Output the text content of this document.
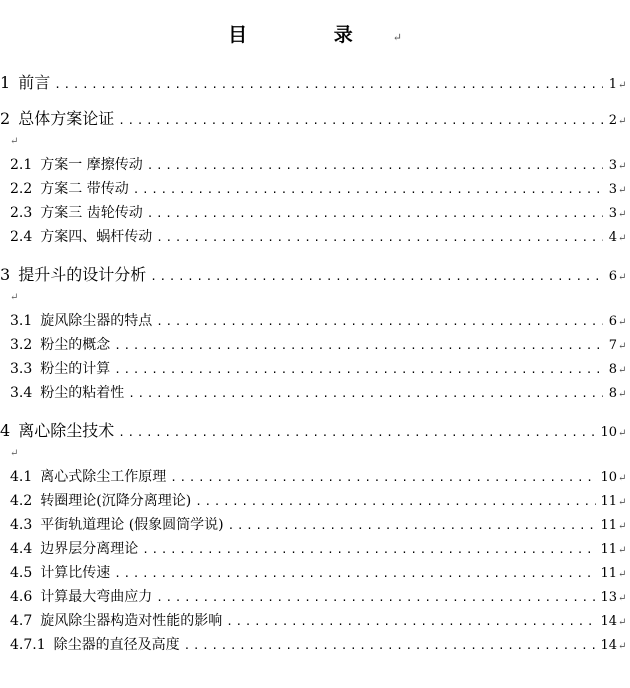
目 录↵
1 前言 . . .	1 ↵
2 总体方案论证 . . .	2 ↵
↵
2.1 方案一 摩擦传动 . . .	3 ↵
2.2 方案二 带传动 . . .	3 ↵
2.3 方案三 齿轮传动 . . .	3 ↵
2.4 方案四、蜗杆传动 . . .	4 ↵
3 提升斗的设计分析 . . .	6 ↵
↵
3.1 旋风除尘器的特点 . . .	6 ↵
3.2 粉尘的概念 . . .	7 ↵
3.3 粉尘的计算 . . .	8 ↵
3.4 粉尘的粘着性 . . .	8 ↵
4 离心除尘技术 . . .	10 ↵
↵
4.1 离心式除尘工作原理 . . .	10 ↵
4.2 转圈理论(沉降分离理论) . . .	11 ↵
4.3 平街轨道理论 (假象圆筒学说) . . .	11 ↵
4.4 边界层分离理论 . . .	11 ↵
4.5 计算比传速 . . .	11 ↵
4.6 计算最大弯曲应力 . . .	13 ↵
4.7 旋风除尘器构造对性能的影响 . . .	14 ↵
4.7.1 除尘器的直径及高度 . . .	14 ↵
